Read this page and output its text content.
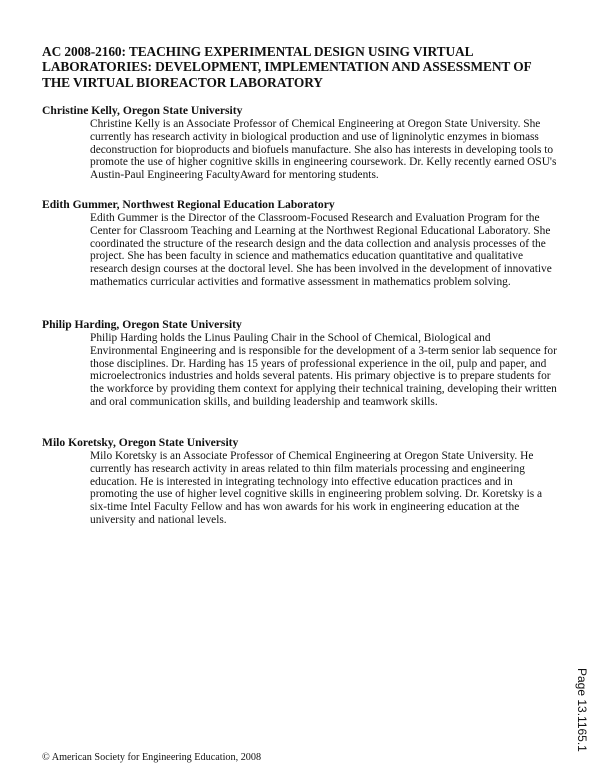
AC 2008-2160: TEACHING EXPERIMENTAL DESIGN USING VIRTUAL LABORATORIES: DEVELOPMENT, IMPLEMENTATION AND ASSESSMENT OF THE VIRTUAL BIOREACTOR LABORATORY
Christine Kelly, Oregon State University

Christine Kelly is an Associate Professor of Chemical Engineering at Oregon State University. She currently has research activity in biological production and use of ligninolytic enzymes in biomass deconstruction for bioproducts and biofuels manufacture. She also has interests in developing tools to promote the use of higher cognitive skills in engineering coursework. Dr. Kelly recently earned OSU's Austin-Paul Engineering FacultyAward for mentoring students.

Edith Gummer, Northwest Regional Education Laboratory

Edith Gummer is the Director of the Classroom-Focused Research and Evaluation Program for the Center for Classroom Teaching and Learning at the Northwest Regional Educational Laboratory. She coordinated the structure of the research design and the data collection and analysis processes of the project. She has been faculty in science and mathematics education quantitative and qualitative research design courses at the doctoral level. She has been involved in the development of innovative mathematics curricular activities and formative assessment in mathematics problem solving.

Philip Harding, Oregon State University

Philip Harding holds the Linus Pauling Chair in the School of Chemical, Biological and Environmental Engineering and is responsible for the development of a 3-term senior lab sequence for those disciplines. Dr. Harding has 15 years of professional experience in the oil, pulp and paper, and microelectronics industries and holds several patents. His primary objective is to prepare students for the workforce by providing them context for applying their technical training, developing their written and oral communication skills, and building leadership and teamwork skills.

Milo Koretsky, Oregon State University

Milo Koretsky is an Associate Professor of Chemical Engineering at Oregon State University. He currently has research activity in areas related to thin film materials processing and engineering education. He is interested in integrating technology into effective education practices and in promoting the use of higher level cognitive skills in engineering problem solving. Dr. Koretsky is a six-time Intel Faculty Fellow and has won awards for his work in engineering education at the university and national levels.

Page 13.1165.1
© American Society for Engineering Education, 2008
